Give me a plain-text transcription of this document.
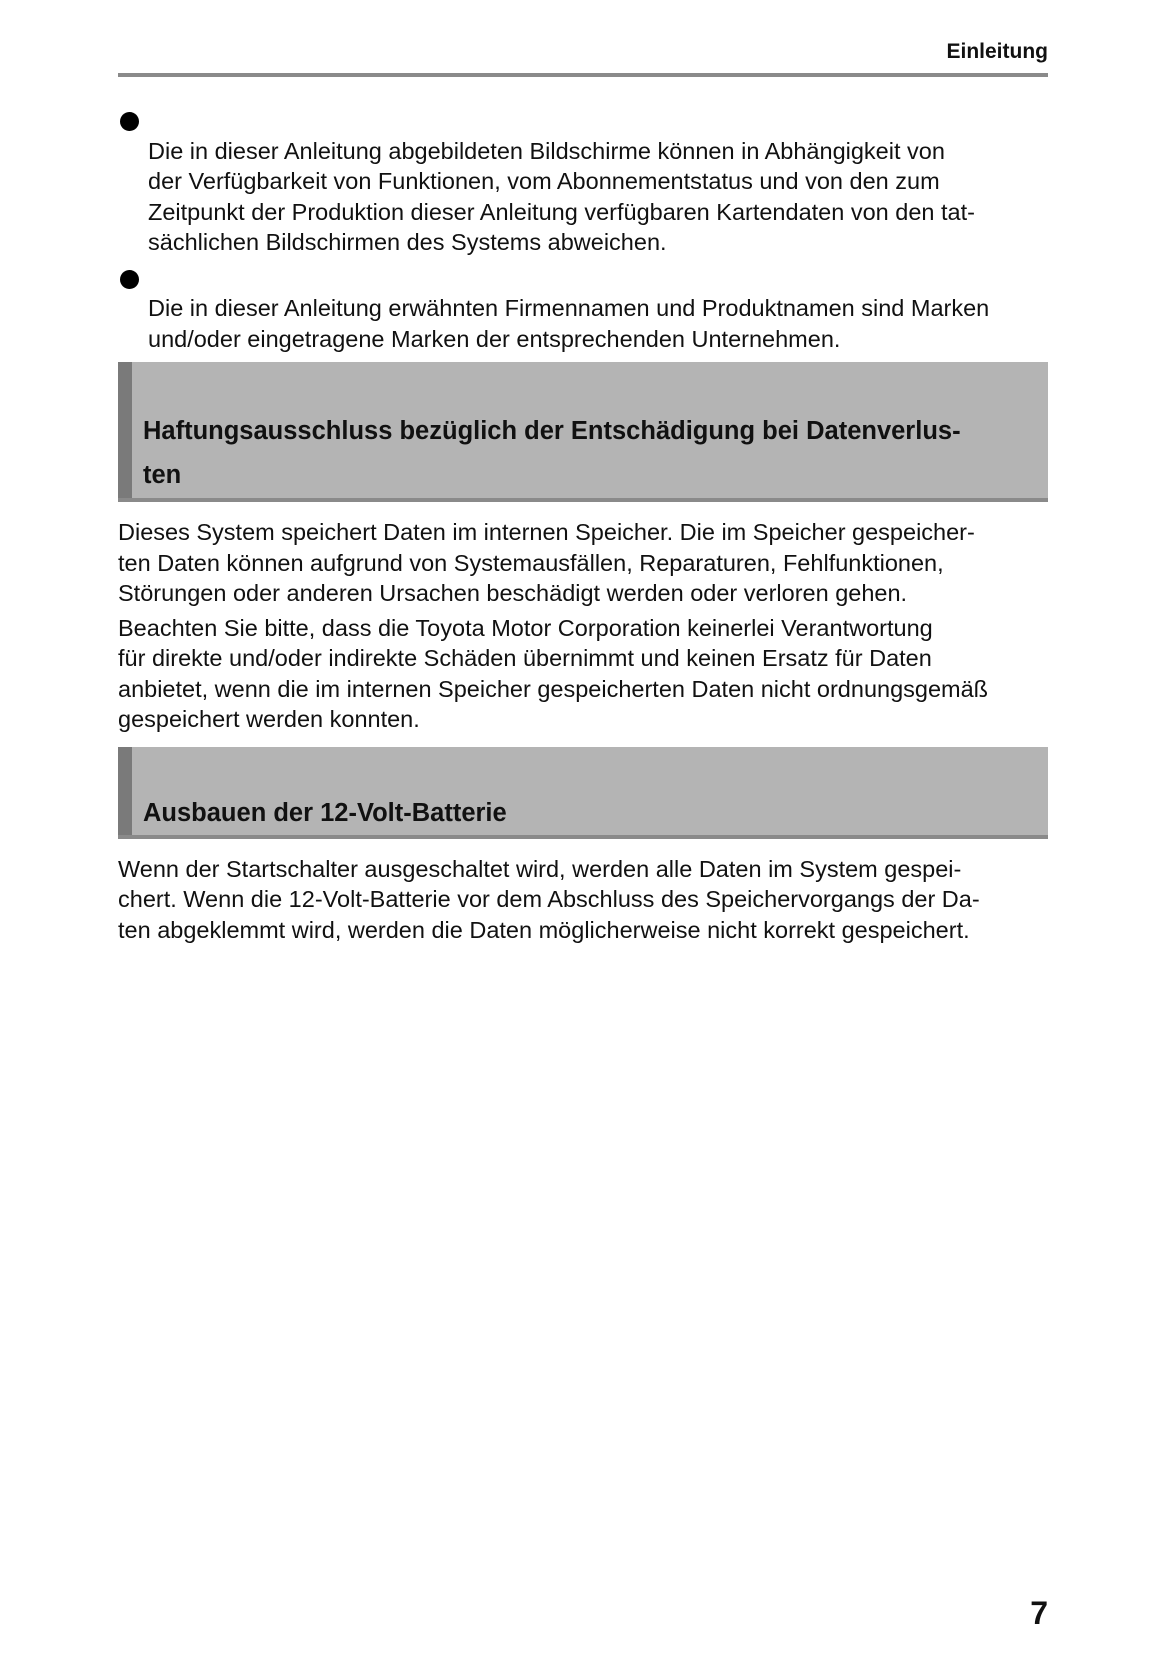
Einleitung

Die in dieser Anleitung abgebildeten Bildschirme können in Abhängigkeit von
der Verfügbarkeit von Funktionen, vom Abonnementstatus und von den zum
Zeitpunkt der Produktion dieser Anleitung verfügbaren Kartendaten von den tat-
sächlichen Bildschirmen des Systems abweichen.

Die in dieser Anleitung erwähnten Firmennamen und Produktnamen sind Marken
und/oder eingetragene Marken der entsprechenden Unternehmen.

Haftungsausschluss bezüglich der Entschädigung bei Datenverlus-
ten

Dieses System speichert Daten im internen Speicher. Die im Speicher gespeicher-
ten Daten können aufgrund von Systemausfällen, Reparaturen, Fehlfunktionen,
Störungen oder anderen Ursachen beschädigt werden oder verloren gehen.

Beachten Sie bitte, dass die Toyota Motor Corporation keinerlei Verantwortung
für direkte und/oder indirekte Schäden übernimmt und keinen Ersatz für Daten
anbietet, wenn die im internen Speicher gespeicherten Daten nicht ordnungsgemäß
gespeichert werden konnten.

Ausbauen der 12-Volt-Batterie

Wenn der Startschalter ausgeschaltet wird, werden alle Daten im System gespei-
chert. Wenn die 12-Volt-Batterie vor dem Abschluss des Speichervorgangs der Da-
ten abgeklemmt wird, werden die Daten möglicherweise nicht korrekt gespeichert.

7
